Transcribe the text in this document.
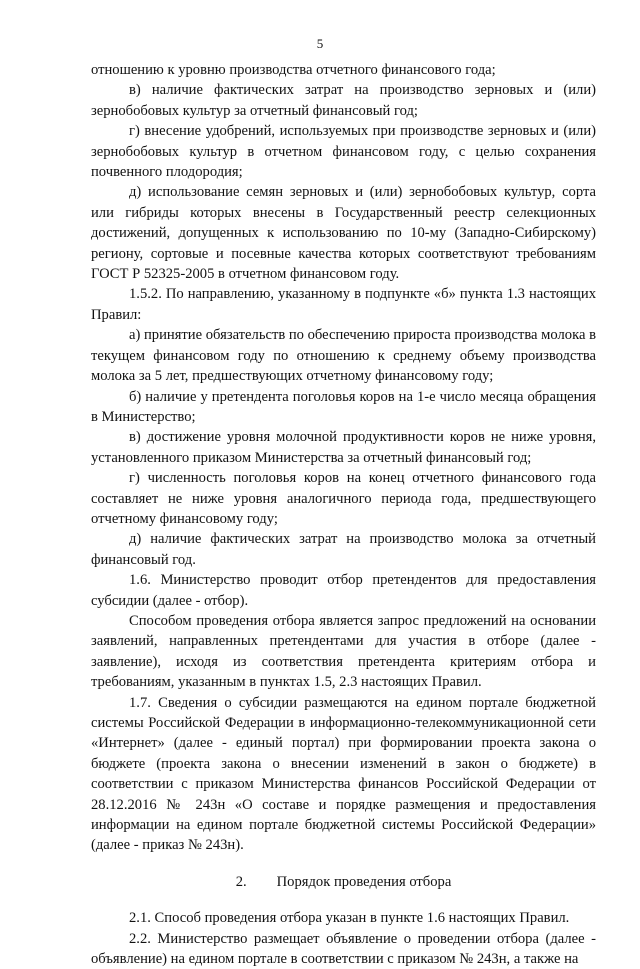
5

отношению к уровню производства отчетного финансового года;

в) наличие фактических затрат на производство зерновых и (или) зернобобовых культур за отчетный финансовый год;

г) внесение удобрений, используемых при производстве зерновых и (или) зернобобовых культур в отчетном финансовом году, с целью сохранения почвенного плодородия;

д) использование семян зерновых и (или) зернобобовых культур, сорта или гибриды которых внесены в Государственный реестр селекционных достижений, допущенных к использованию по 10-му (Западно-Сибирскому) региону, сортовые и посевные качества которых соответствуют требованиям ГОСТ Р 52325-2005 в отчетном финансовом году.

1.5.2. По направлению, указанному в подпункте «б» пункта 1.3 настоящих Правил:

а) принятие обязательств по обеспечению прироста производства молока в текущем финансовом году по отношению к среднему объему производства молока за 5 лет, предшествующих отчетному финансовому году;

б) наличие у претендента поголовья коров на 1-е число месяца обращения в Министерство;

в) достижение уровня молочной продуктивности коров не ниже уровня, установленного приказом Министерства за отчетный финансовый год;

г) численность поголовья коров на конец отчетного финансового года составляет не ниже уровня аналогичного периода года, предшествующего отчетному финансовому году;

д) наличие фактических затрат на производство молока за отчетный финансовый год.

1.6. Министерство проводит отбор претендентов для предоставления субсидии (далее - отбор).

Способом проведения отбора является запрос предложений на основании заявлений, направленных претендентами для участия в отборе (далее - заявление), исходя из соответствия претендента критериям отбора и требованиям, указанным в пунктах 1.5, 2.3 настоящих Правил.

1.7. Сведения о субсидии размещаются на едином портале бюджетной системы Российской Федерации в информационно-телекоммуникационной сети «Интернет» (далее - единый портал) при формировании проекта закона о бюджете (проекта закона о внесении изменений в закон о бюджете) в соответствии с приказом Министерства финансов Российской Федерации от 28.12.2016 № 243н «О составе и порядке размещения и предоставления информации на едином портале бюджетной системы Российской Федерации» (далее - приказ № 243н).

2. Порядок проведения отбора

2.1. Способ проведения отбора указан в пункте 1.6 настоящих Правил.

2.2. Министерство размещает объявление о проведении отбора (далее - объявление) на едином портале в соответствии с приказом № 243н, а также на
